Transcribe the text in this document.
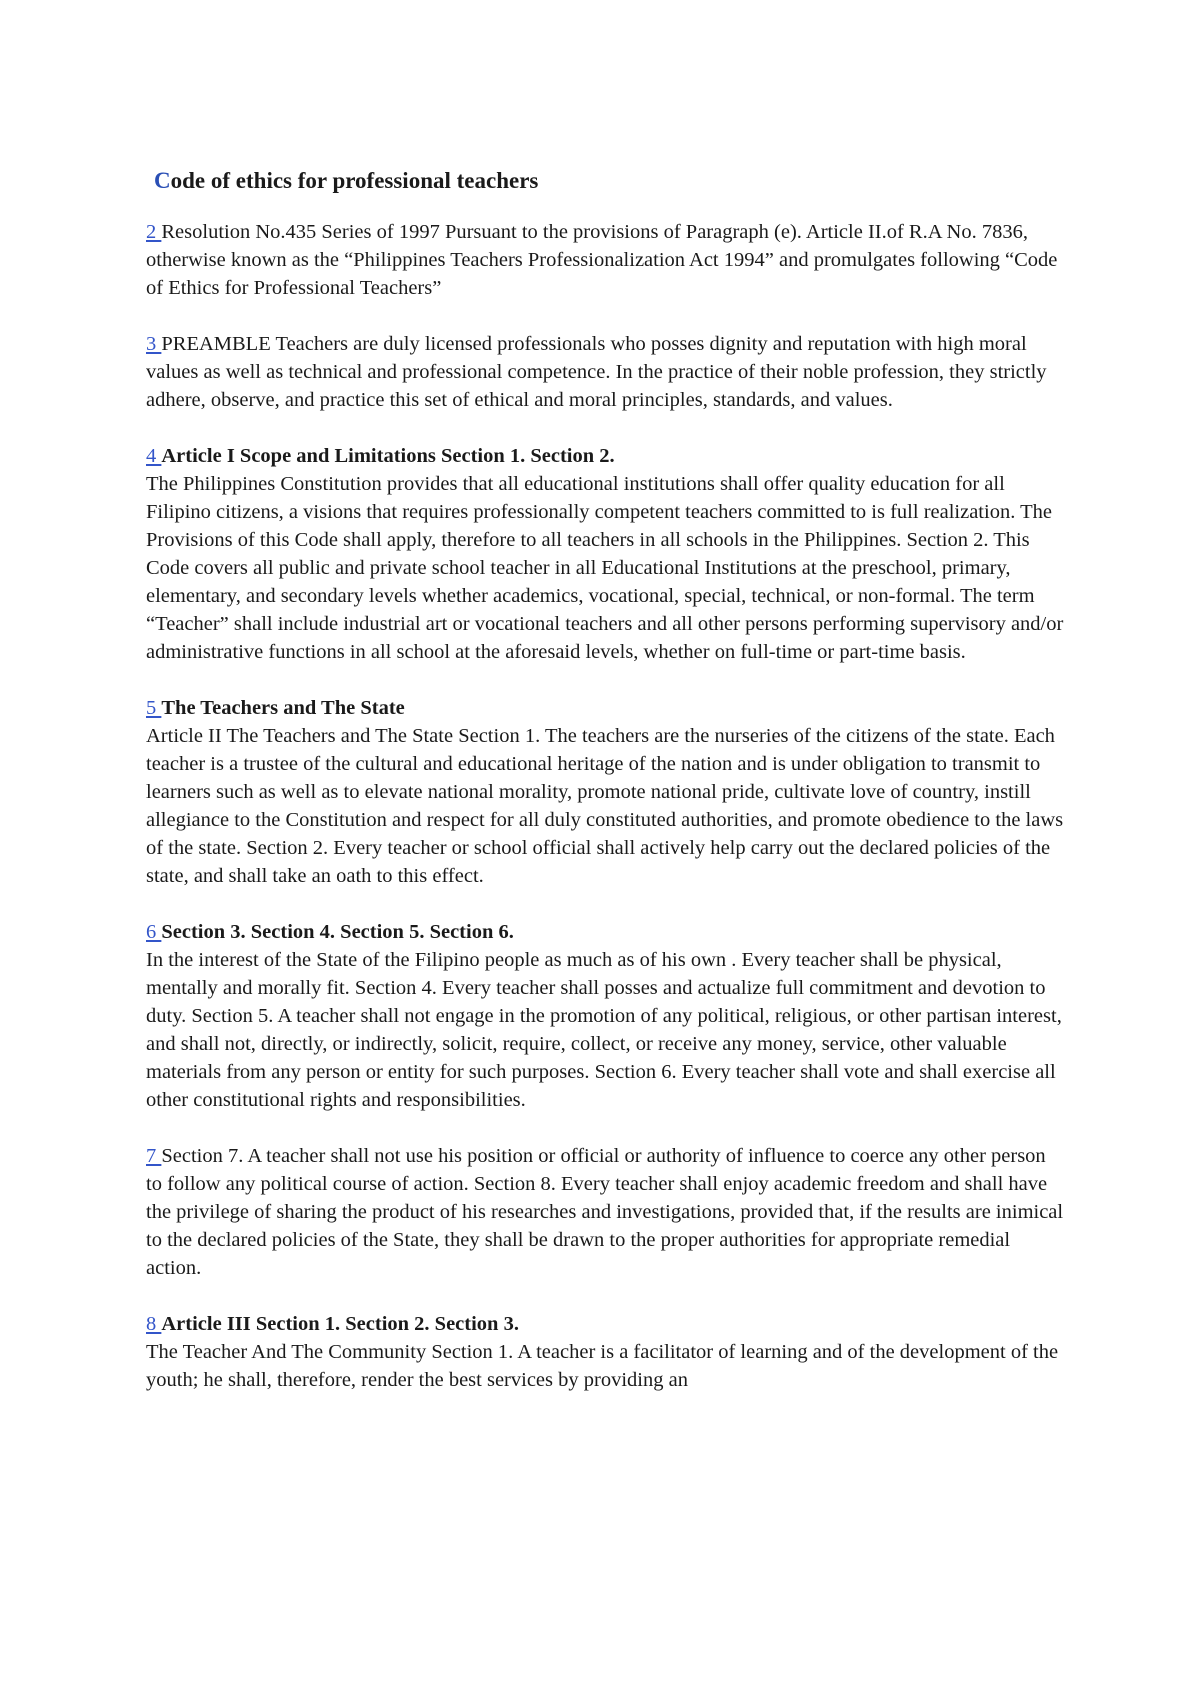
Code of ethics for professional teachers

2 Resolution No.435 Series of 1997 Pursuant to the provisions of Paragraph (e). Article II.of R.A No. 7836, otherwise known as the “Philippines Teachers Professionalization Act 1994” and promulgates following “Code of Ethics for Professional Teachers”

3 PREAMBLE Teachers are duly licensed professionals who posses dignity and reputation with high moral values as well as technical and professional competence. In the practice of their noble profession, they strictly adhere, observe, and practice this set of ethical and moral principles, standards, and values.

4 Article I Scope and Limitations Section 1. Section 2.
The Philippines Constitution provides that all educational institutions shall offer quality education for all Filipino citizens, a visions that requires professionally competent teachers committed to is full realization. The Provisions of this Code shall apply, therefore to all teachers in all schools in the Philippines. Section 2. This Code covers all public and private school teacher in all Educational Institutions at the preschool, primary, elementary, and secondary levels whether academics, vocational, special, technical, or non-formal. The term “Teacher” shall include industrial art or vocational teachers and all other persons performing supervisory and/or administrative functions in all school at the aforesaid levels, whether on full-time or part-time basis.

5 The Teachers and The State
Article II The Teachers and The State Section 1. The teachers are the nurseries of the citizens of the state. Each teacher is a trustee of the cultural and educational heritage of the nation and is under obligation to transmit to learners such as well as to elevate national morality, promote national pride, cultivate love of country, instill allegiance to the Constitution and respect for all duly constituted authorities, and promote obedience to the laws of the state. Section 2. Every teacher or school official shall actively help carry out the declared policies of the state, and shall take an oath to this effect.

6 Section 3. Section 4. Section 5. Section 6.
In the interest of the State of the Filipino people as much as of his own . Every teacher shall be physical, mentally and morally fit. Section 4. Every teacher shall posses and actualize full commitment and devotion to duty. Section 5. A teacher shall not engage in the promotion of any political, religious, or other partisan interest, and shall not, directly, or indirectly, solicit, require, collect, or receive any money, service, other valuable materials from any person or entity for such purposes. Section 6. Every teacher shall vote and shall exercise all other constitutional rights and responsibilities.

7 Section 7. A teacher shall not use his position or official or authority of influence to coerce any other person to follow any political course of action. Section 8. Every teacher shall enjoy academic freedom and shall have the privilege of sharing the product of his researches and investigations, provided that, if the results are inimical to the declared policies of the State, they shall be drawn to the proper authorities for appropriate remedial action.

8 Article III Section 1. Section 2. Section 3.
The Teacher And The Community Section 1. A teacher is a facilitator of learning and of the development of the youth; he shall, therefore, render the best services by providing an
